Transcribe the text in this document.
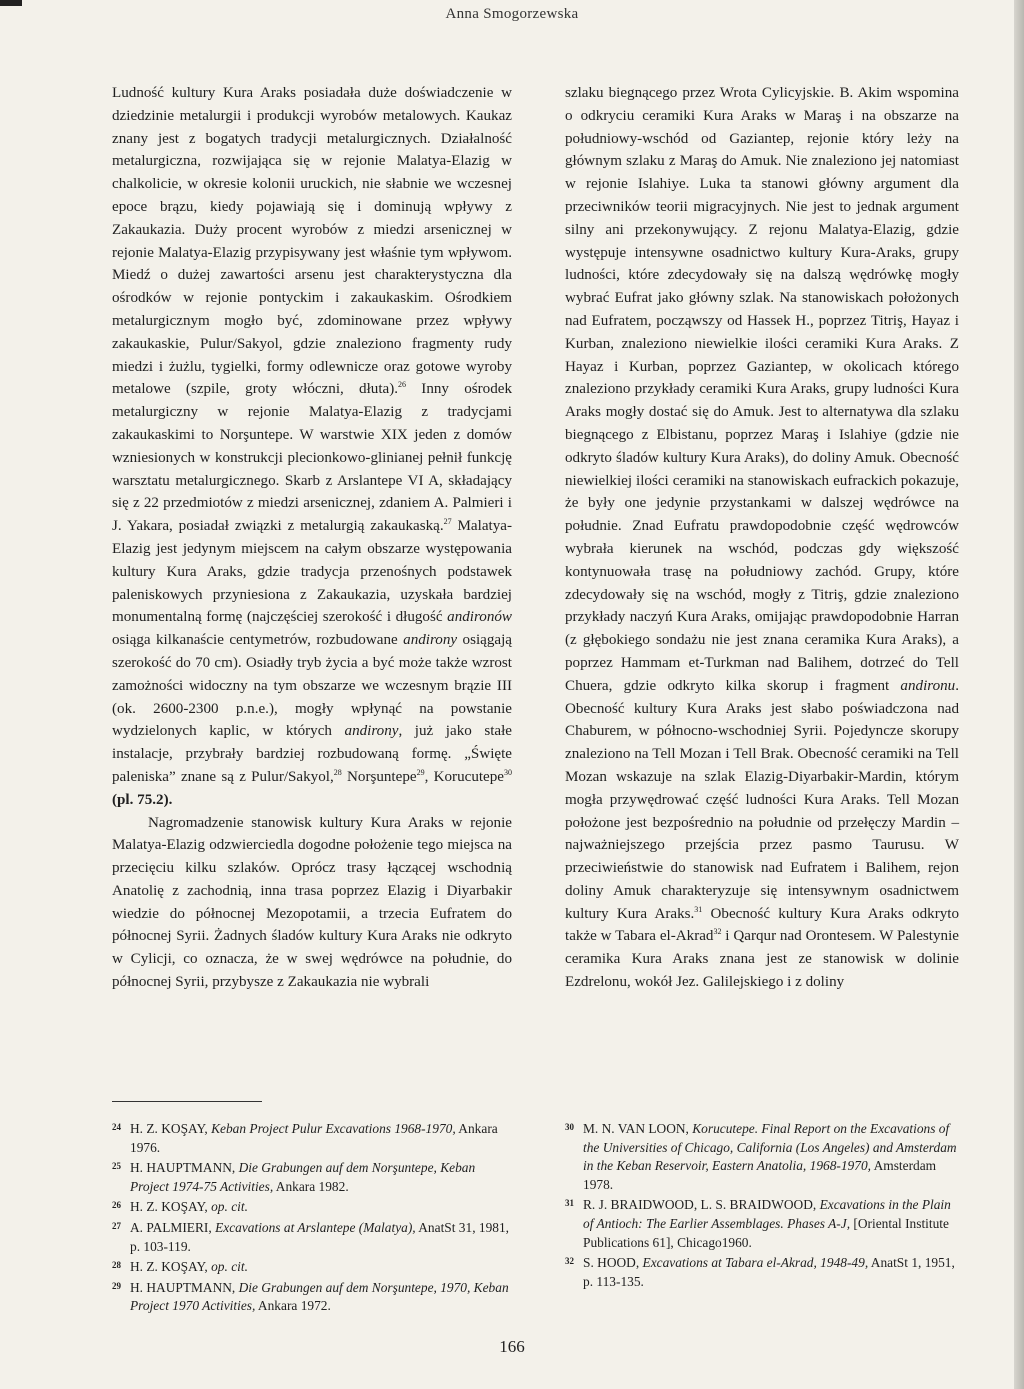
Anna Smogorzewska

Ludność kultury Kura Araks posiadała duże doświadczenie w dziedzinie metalurgii i produkcji wyrobów metalowych. Kaukaz znany jest z bogatych tradycji metalurgicznych. Działalność metalurgiczna, rozwijająca się w rejonie Malatya-Elazig w chalkolicie, w okresie kolonii uruckich, nie słabnie we wczesnej epoce brązu, kiedy pojawiają się i dominują wpływy z Zakaukazia. Duży procent wyrobów z miedzi arsenicznej w rejonie Malatya-Elazig przypisywany jest właśnie tym wpływom. Miedź o dużej zawartości arsenu jest charakterystyczna dla ośrodków w rejonie pontyckim i zakaukaskim. Ośrodkiem metalurgicznym mogło być, zdominowane przez wpływy zakaukaskie, Pulur/Sakyol, gdzie znaleziono fragmenty rudy miedzi i żużlu, tygielki, formy odlewnicze oraz gotowe wyroby metalowe (szpile, groty włóczni, dłuta).$^{26}$ Inny ośrodek metalurgiczny w rejonie Malatya-Elazig z tradycjami zakaukaskimi to Norşuntepe. W warstwie XIX jeden z domów wzniesionych w konstrukcji plecionkowo-glinianej pełnił funkcję warsztatu metalurgicznego. Skarb z Arslantepe VI A, składający się z 22 przedmiotów z miedzi arsenicznej, zdaniem A. Palmieri i J. Yakara, posiadał związki z metalurgią zakaukaską.$^{27}$ Malatya-Elazig jest jedynym miejscem na całym obszarze występowania kultury Kura Araks, gdzie tradycja przenośnych podstawek paleniskowych przyniesiona z Zakaukazia, uzyskała bardziej monumentalną formę (najczęściej szerokość i długość andironów osiąga kilkanaście centymetrów, rozbudowane andirony osiągają szerokość do 70 cm). Osiadły tryb życia a być może także wzrost zamożności widoczny na tym obszarze we wczesnym brązie III (ok. 2600-2300 p.n.e.), mogły wpłynąć na powstanie wydzielonych kaplic, w których andirony, już jako stałe instalacje, przybrały bardziej rozbudowaną formę. „Święte paleniska” znane są z Pulur/Sakyol,$^{28}$ Norşuntepe$^{29}$, Korucutepe$^{30}$ (pl. 75.2).

Nagromadzenie stanowisk kultury Kura Araks w rejonie Malatya-Elazig odzwierciedla dogodne położenie tego miejsca na przecięciu kilku szlaków. Oprócz trasy łączącej wschodnią Anatolię z zachodnią, inna trasa poprzez Elazig i Diyarbakir wiedzie do północnej Mezopotamii, a trzecia Eufratem do północnej Syrii. Żadnych śladów kultury Kura Araks nie odkryto w Cylicji, co oznacza, że w swej wędrówce na południe, do północnej Syrii, przybysze z Zakaukazia nie wybrali

szlaku biegnącego przez Wrota Cylicyjskie. B. Akim wspomina o odkryciu ceramiki Kura Araks w Maraş i na obszarze na południowy-wschód od Gaziantep, rejonie który leży na głównym szlaku z Maraş do Amuk. Nie znaleziono jej natomiast w rejonie Islahiye. Luka ta stanowi główny argument dla przeciwników teorii migracyjnych. Nie jest to jednak argument silny ani przekonywujący. Z rejonu Malatya-Elazig, gdzie występuje intensywne osadnictwo kultury Kura-Araks, grupy ludności, które zdecydowały się na dalszą wędrówkę mogły wybrać Eufrat jako główny szlak. Na stanowiskach położonych nad Eufratem, począwszy od Hassek H., poprzez Titriş, Hayaz i Kurban, znaleziono niewielkie ilości ceramiki Kura Araks. Z Hayaz i Kurban, poprzez Gaziantep, w okolicach którego znaleziono przykłady ceramiki Kura Araks, grupy ludności Kura Araks mogły dostać się do Amuk. Jest to alternatywa dla szlaku biegnącego z Elbistanu, poprzez Maraş i Islahiye (gdzie nie odkryto śladów kultury Kura Araks), do doliny Amuk. Obecność niewielkiej ilości ceramiki na stanowiskach eufrackich pokazuje, że były one jedynie przystankami w dalszej wędrówce na południe. Znad Eufratu prawdopodobnie część wędrowców wybrała kierunek na wschód, podczas gdy większość kontynuowała trasę na południowy zachód. Grupy, które zdecydowały się na wschód, mogły z Titriş, gdzie znaleziono przykłady naczyń Kura Araks, omijając prawdopodobnie Harran (z głębokiego sondażu nie jest znana ceramika Kura Araks), a poprzez Hammam et-Turkman nad Balihem, dotrzeć do Tell Chuera, gdzie odkryto kilka skorup i fragment andironu. Obecność kultury Kura Araks jest słabo poświadczona nad Chaburem, w północno-wschodniej Syrii. Pojedyncze skorupy znaleziono na Tell Mozan i Tell Brak. Obecność ceramiki na Tell Mozan wskazuje na szlak Elazig-Diyarbakir-Mardin, którym mogła przywędrować część ludności Kura Araks. Tell Mozan położone jest bezpośrednio na południe od przełęczy Mardin – najważniejszego przejścia przez pasmo Taurusu. W przeciwieństwie do stanowisk nad Eufratem i Balihem, rejon doliny Amuk charakteryzuje się intensywnym osadnictwem kultury Kura Araks.$^{31}$ Obecność kultury Kura Araks odkryto także w Tabara el-Akrad$^{32}$ i Qarqur nad Orontesem. W Palestynie ceramika Kura Araks znana jest ze stanowisk w dolinie Ezdrelonu, wokół Jez. Galilejskiego i z doliny

24 H. Z. KOŞAY, Keban Project Pulur Excavations 1968-1970, Ankara 1976.
25 H. HAUPTMANN, Die Grabungen auf dem Norşuntepe, Keban Project 1974-75 Activities, Ankara 1982.
26 H. Z. KOŞAY, op. cit.
27 A. PALMIERI, Excavations at Arslantepe (Malatya), AnatSt 31, 1981, p. 103-119.
28 H. Z. KOŞAY, op. cit.
29 H. HAUPTMANN, Die Grabungen auf dem Norşuntepe, 1970, Keban Project 1970 Activities, Ankara 1972.
30 M. N. VAN LOON, Korucutepe. Final Report on the Excavations of the Universities of Chicago, California (Los Angeles) and Amsterdam in the Keban Reservoir, Eastern Anatolia, 1968-1970, Amsterdam 1978.
31 R. J. BRAIDWOOD, L. S. BRAIDWOOD, Excavations in the Plain of Antioch: The Earlier Assemblages. Phases A-J, [Oriental Institute Publications 61], Chicago1960.
32 S. HOOD, Excavations at Tabara el-Akrad, 1948-49, AnatSt 1, 1951, p. 113-135.
166
